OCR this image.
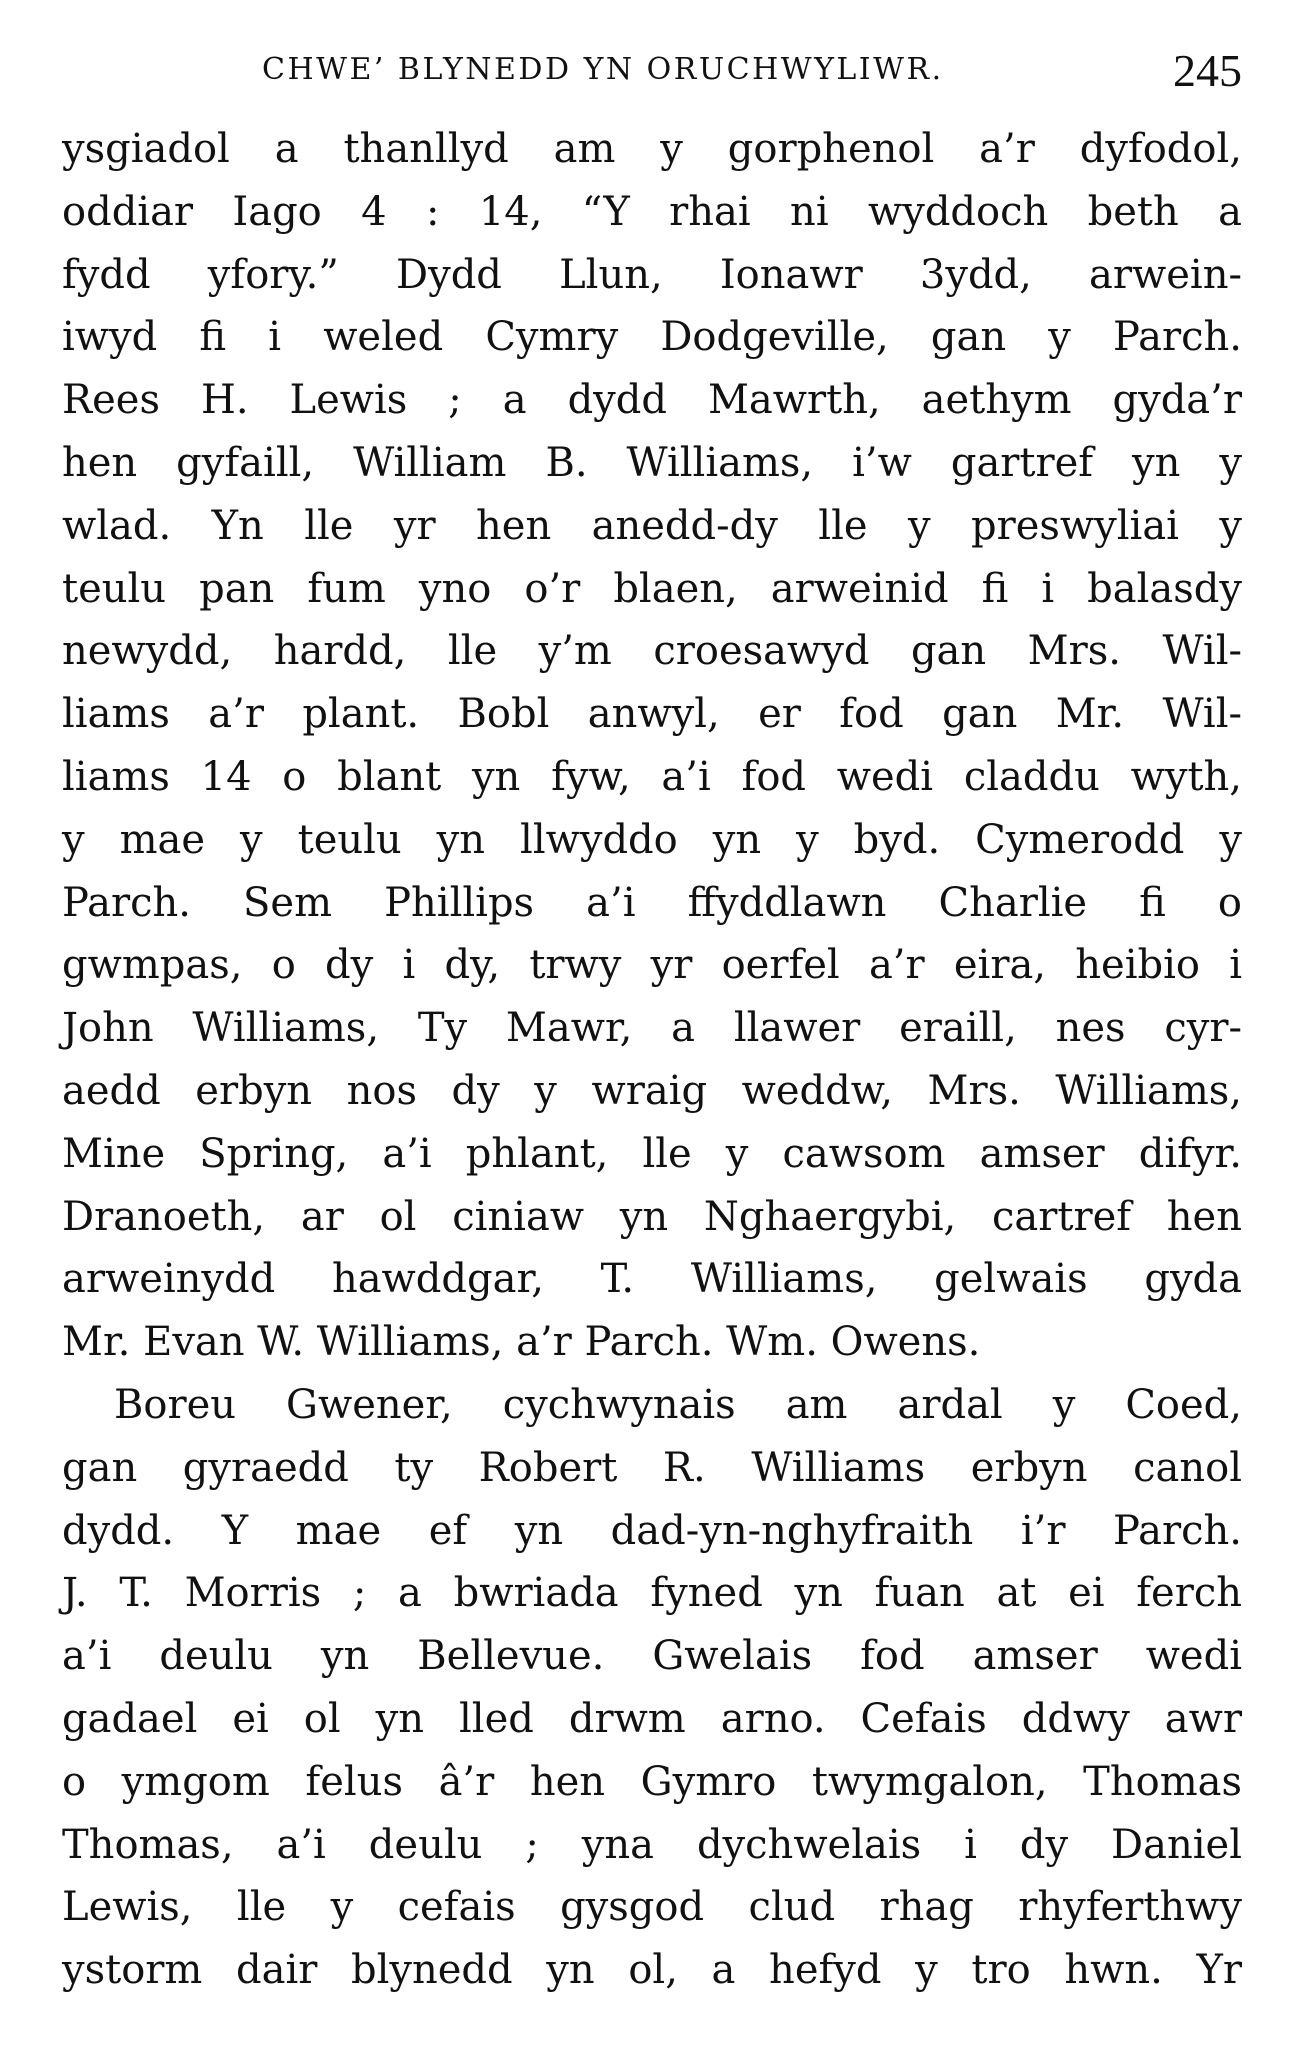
CHWE’ BLYNEDD YN ORUCHWYLIWR.	245
ysgiadol a thanllyd am y gorphenol a’r dyfodol,
oddiar Iago 4 : 14, “Y rhai ni wyddoch beth a
fydd yfory.” Dydd Llun, Ionawr 3ydd, arwein-
iwyd fi i weled Cymry Dodgeville, gan y Parch.
Rees H. Lewis ; a dydd Mawrth, aethym gyda’r
hen gyfaill, William B. Williams, i’w gartref yn y
wlad. Yn lle yr hen anedd-dy lle y preswyliai y
teulu pan fum yno o’r blaen, arweinid fi i balasdy
newydd, hardd, lle y’m croesawyd gan Mrs. Wil-
liams a’r plant. Bobl anwyl, er fod gan Mr. Wil-
liams 14 o blant yn fyw, a’i fod wedi claddu wyth,
y mae y teulu yn llwyddo yn y byd. Cymerodd y
Parch. Sem Phillips a’i ffyddlawn Charlie fi o
gwmpas, o dy i dy, trwy yr oerfel a’r eira, heibio i
John Williams, Ty Mawr, a llawer eraill, nes cyr-
aedd erbyn nos dy y wraig weddw, Mrs. Williams,
Mine Spring, a’i phlant, lle y cawsom amser difyr.
Dranoeth, ar ol ciniaw yn Nghaergybi, cartref hen
arweinydd hawddgar, T. Williams, gelwais gyda
Mr. Evan W. Williams, a’r Parch. Wm. Owens.
Boreu Gwener, cychwynais am ardal y Coed,
gan gyraedd ty Robert R. Williams erbyn canol
dydd. Y mae ef yn dad-yn-nghyfraith i’r Parch.
J. T. Morris ; a bwriada fyned yn fuan at ei ferch
a’i deulu yn Bellevue. Gwelais fod amser wedi
gadael ei ol yn lled drwm arno. Cefais ddwy awr
o ymgom felus â’r hen Gymro twymgalon, Thomas
Thomas, a’i deulu ; yna dychwelais i dy Daniel
Lewis, lle y cefais gysgod clud rhag rhyferthwy
ystorm dair blynedd yn ol, a hefyd y tro hwn. Yr
